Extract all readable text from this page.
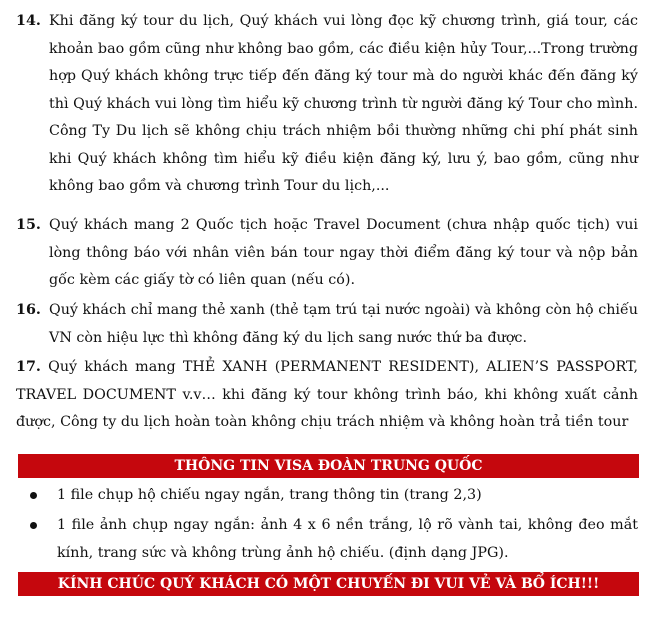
14. Khi đăng ký tour du lịch, Quý khách vui lòng đọc kỹ chương trình, giá tour, các khoản bao gồm cũng như không bao gồm, các điều kiện hủy Tour,...Trong trường hợp Quý khách không trực tiếp đến đăng ký tour mà do người khác đến đăng ký thì Quý khách vui lòng tìm hiểu kỹ chương trình từ người đăng ký Tour cho mình. Công Ty Du lịch sẽ không chịu trách nhiệm bồi thường những chi phí phát sinh khi Quý khách không tìm hiểu kỹ điều kiện đăng ký, lưu ý, bao gồm, cũng như không bao gồm và chương trình Tour du lịch,...
15. Quý khách mang 2 Quốc tịch hoặc Travel Document (chưa nhập quốc tịch) vui lòng thông báo với nhân viên bán tour ngay thời điểm đăng ký tour và nộp bản gốc kèm các giấy tờ có liên quan (nếu có).
16. Quý khách chỉ mang thẻ xanh (thẻ tạm trú tại nước ngoài) và không còn hộ chiếu VN còn hiệu lực thì không đăng ký du lịch sang nước thứ ba được.
17. Quý khách mang THẺ XANH (PERMANENT RESIDENT), ALIEN’S PASSPORT, TRAVEL DOCUMENT v.v… khi đăng ký tour không trình báo, khi không xuất cảnh được, Công ty du lịch hoàn toàn không chịu trách nhiệm và không hoàn trả tiền tour
THÔNG TIN VISA ĐOÀN TRUNG QUỐC
1 file chụp hộ chiếu ngay ngắn, trang thông tin (trang 2,3)
1 file ảnh chụp ngay ngắn: ảnh 4 x 6 nền trắng, lộ rõ vành tai, không đeo mắt kính, trang sức và không trùng ảnh hộ chiếu. (định dạng JPG).
KÍNH CHÚC QUÝ KHÁCH CÓ MỘT CHUYẾN ĐI VUI VẺ VÀ BỔ ÍCH!!!
